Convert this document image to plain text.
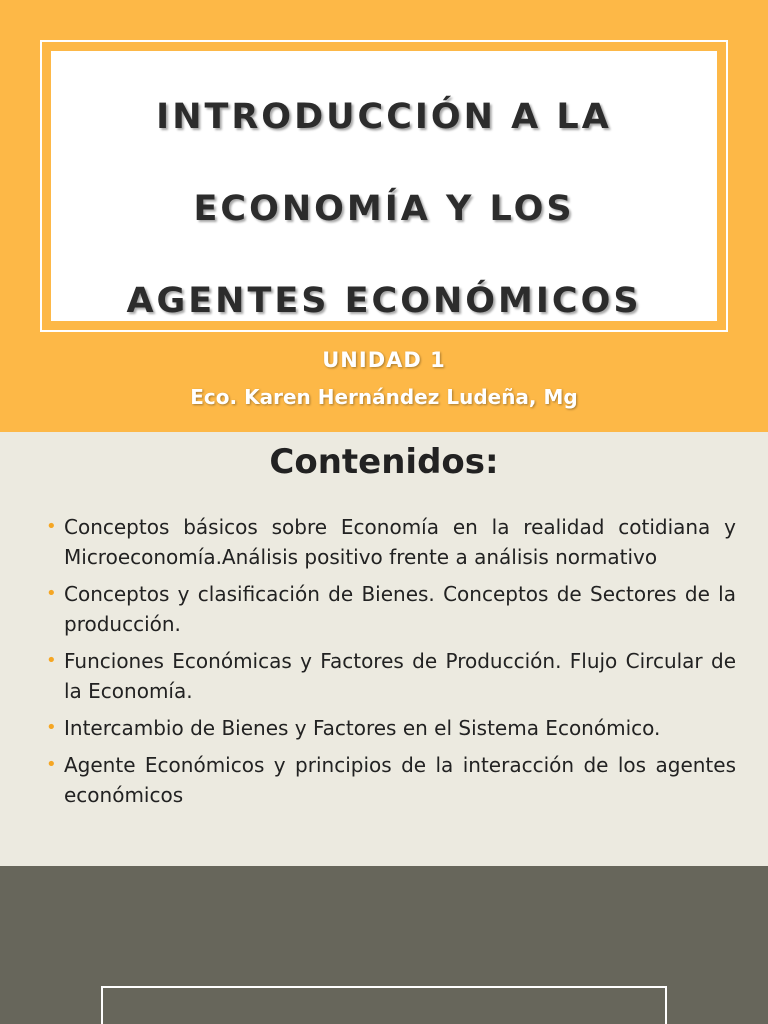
INTRODUCCIÓN A LA

ECONOMÍA Y LOS

AGENTES ECONÓMICOS

UNIDAD 1

Eco. Karen Hernández Ludeña, Mg

Contenidos:
• Conceptos básicos sobre Economía en la realidad cotidiana y Microeconomía.Análisis positivo frente a análisis normativo
• Conceptos y clasificación de Bienes. Conceptos de Sectores de la producción.
• Funciones Económicas y Factores de Producción. Flujo Circular de la Economía.
• Intercambio de Bienes y Factores en el Sistema Económico.
• Agente Económicos y principios de la interacción de los agentes económicos
